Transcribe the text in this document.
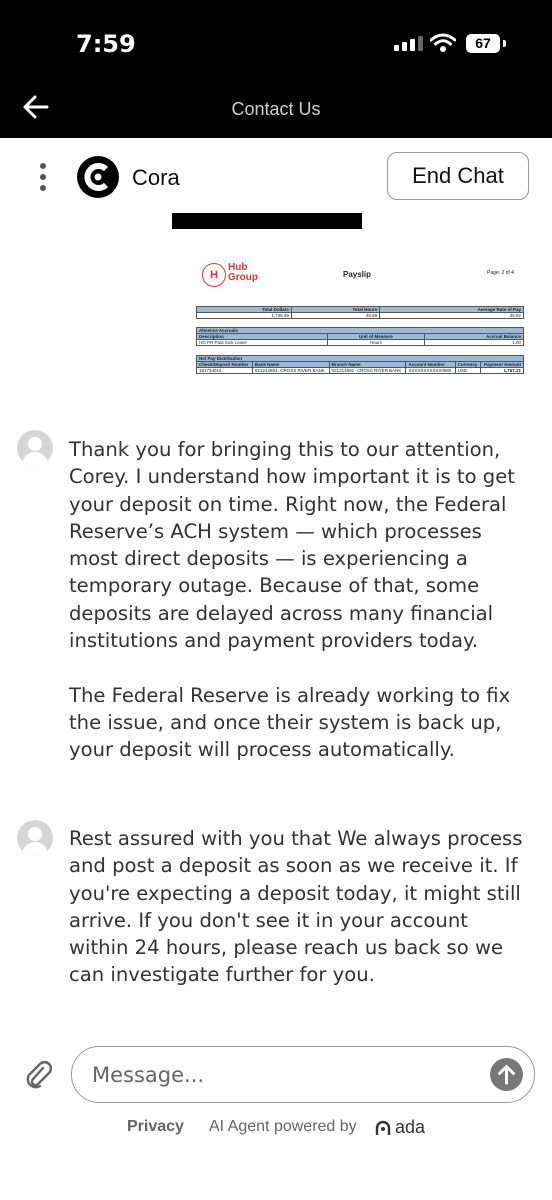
7:59	67
Contact Us
Cora	End Chat
H
Hub
Group	Payslip	Page: 2 of 4
Total Dollars	Total Hours	Average Rate of Pay
1,745.49	48.59	35.92
Absence Accruals		
Description	Unit of Measure	Accrual Balance
HG PR Paid Sick Leave	Hours	1.00
Net Pay Distribution					
Check/Deposit Number	Bank Name	Branch Name	Account Number	Currency	Payment Amount
181734015	021214891- CROSS RIVER BANK	021214891- CROSS RIVER BANK	XXXXXXXXXXX0895	USD	1,767.21
Thank you for bringing this to our attention, Corey. I understand how important it is to get your deposit on time. Right now, the Federal Reserve’s ACH system — which processes most direct deposits — is experiencing a temporary outage. Because of that, some deposits are delayed across many financial institutions and payment providers today.

The Federal Reserve is already working to fix the issue, and once their system is back up, your deposit will process automatically.
Rest assured with you that We always process and post a deposit as soon as we receive it. If you're expecting a deposit today, it might still arrive. If you don't see it in your account within 24 hours, please reach us back so we can investigate further for you.
Message...
Privacy AI Agent powered by ada
